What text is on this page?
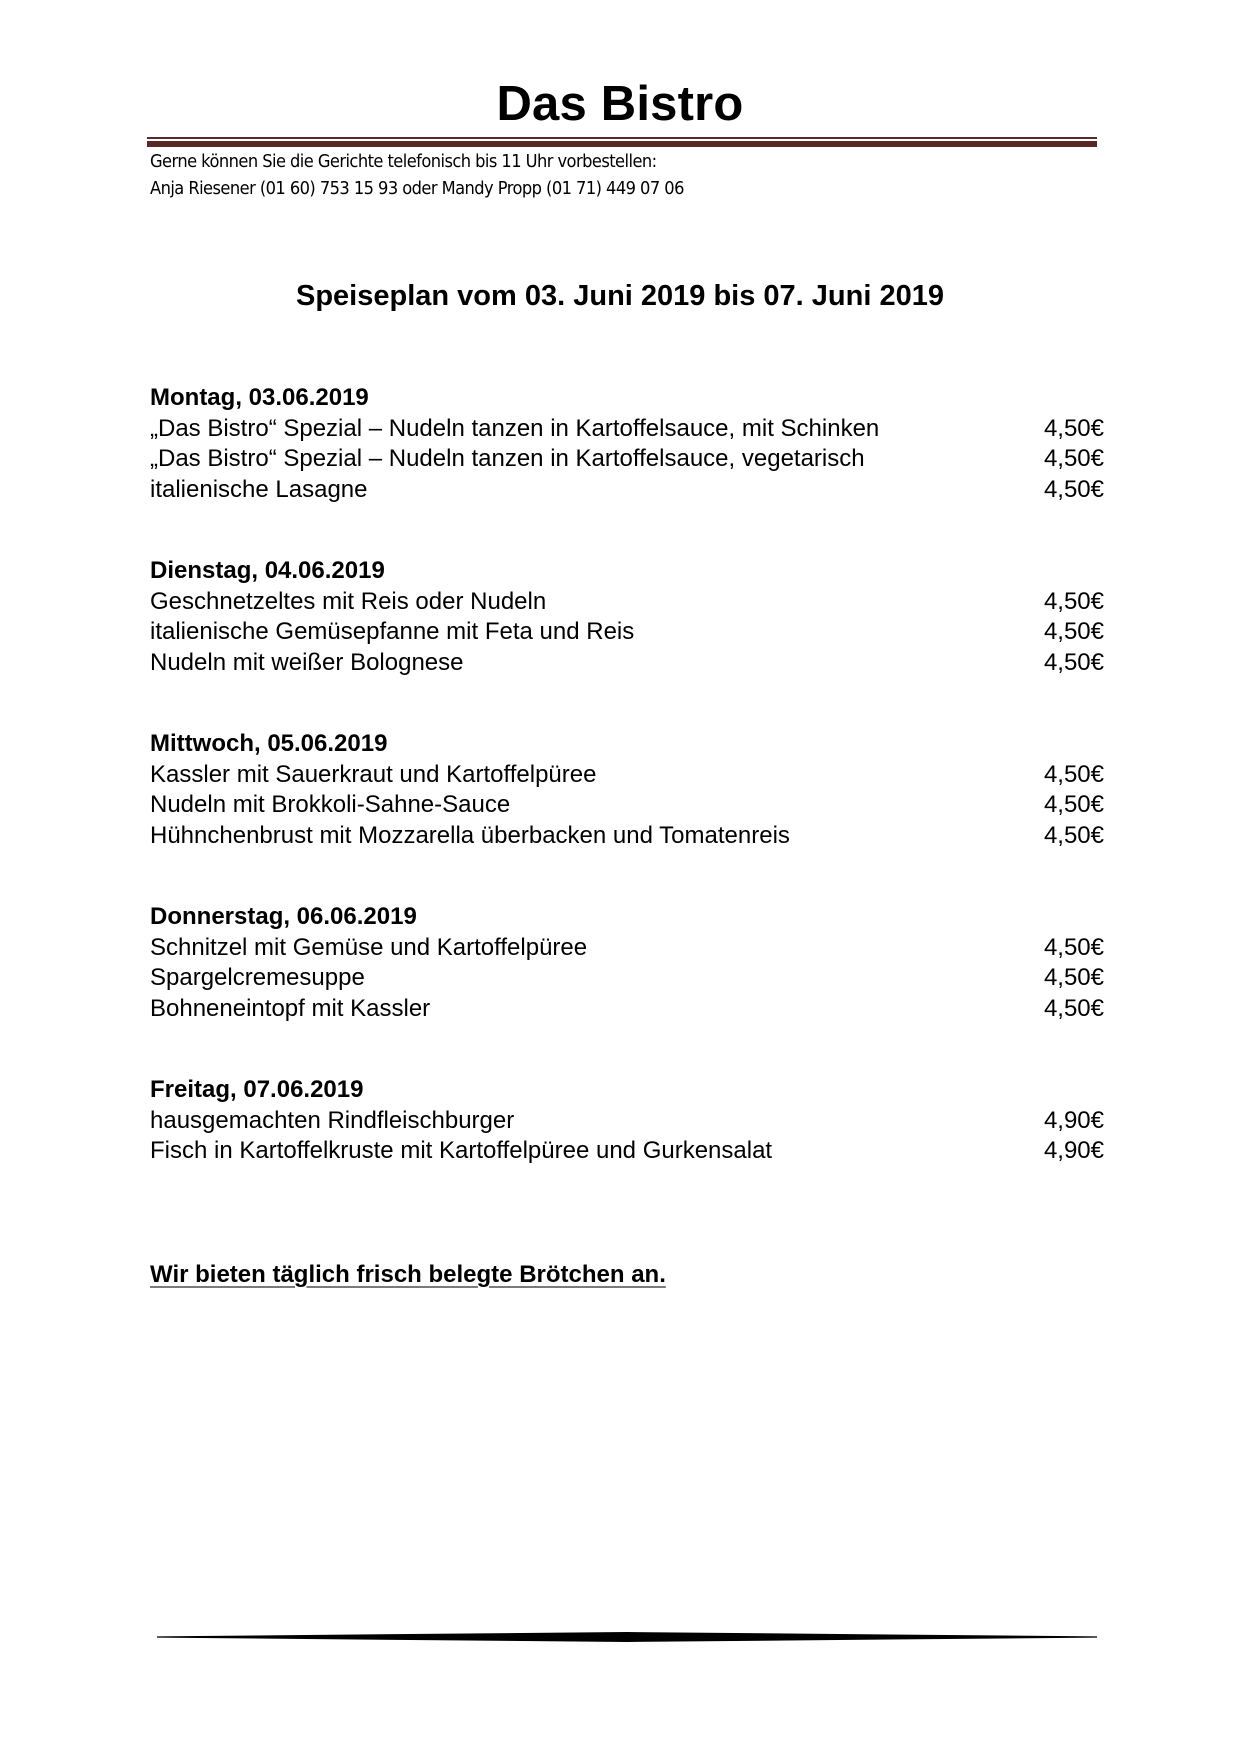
Das Bistro
Gerne können Sie die Gerichte telefonisch bis 11 Uhr vorbestellen:
Anja Riesener (01 60) 753 15 93 oder Mandy Propp (01 71) 449 07 06
Speiseplan vom 03. Juni 2019 bis 07. Juni 2019
Montag, 03.06.2019
„Das Bistro“ Spezial – Nudeln tanzen in Kartoffelsauce, mit Schinken	4,50€
„Das Bistro“ Spezial – Nudeln tanzen in Kartoffelsauce, vegetarisch	4,50€
italienische Lasagne	4,50€
Dienstag, 04.06.2019
Geschnetzeltes mit Reis oder Nudeln	4,50€
italienische Gemüsepfanne mit Feta und Reis	4,50€
Nudeln mit weißer Bolognese	4,50€
Mittwoch, 05.06.2019
Kassler mit Sauerkraut und Kartoffelpüree	4,50€
Nudeln mit Brokkoli-Sahne-Sauce	4,50€
Hühnchenbrust mit Mozzarella überbacken und Tomatenreis	4,50€
Donnerstag, 06.06.2019
Schnitzel mit Gemüse und Kartoffelpüree	4,50€
Spargelcremesuppe	4,50€
Bohneneintopf mit Kassler	4,50€
Freitag, 07.06.2019
hausgemachten Rindfleischburger	4,90€
Fisch in Kartoffelkruste mit Kartoffelpüree und Gurkensalat	4,90€
Wir bieten täglich frisch belegte Brötchen an.
